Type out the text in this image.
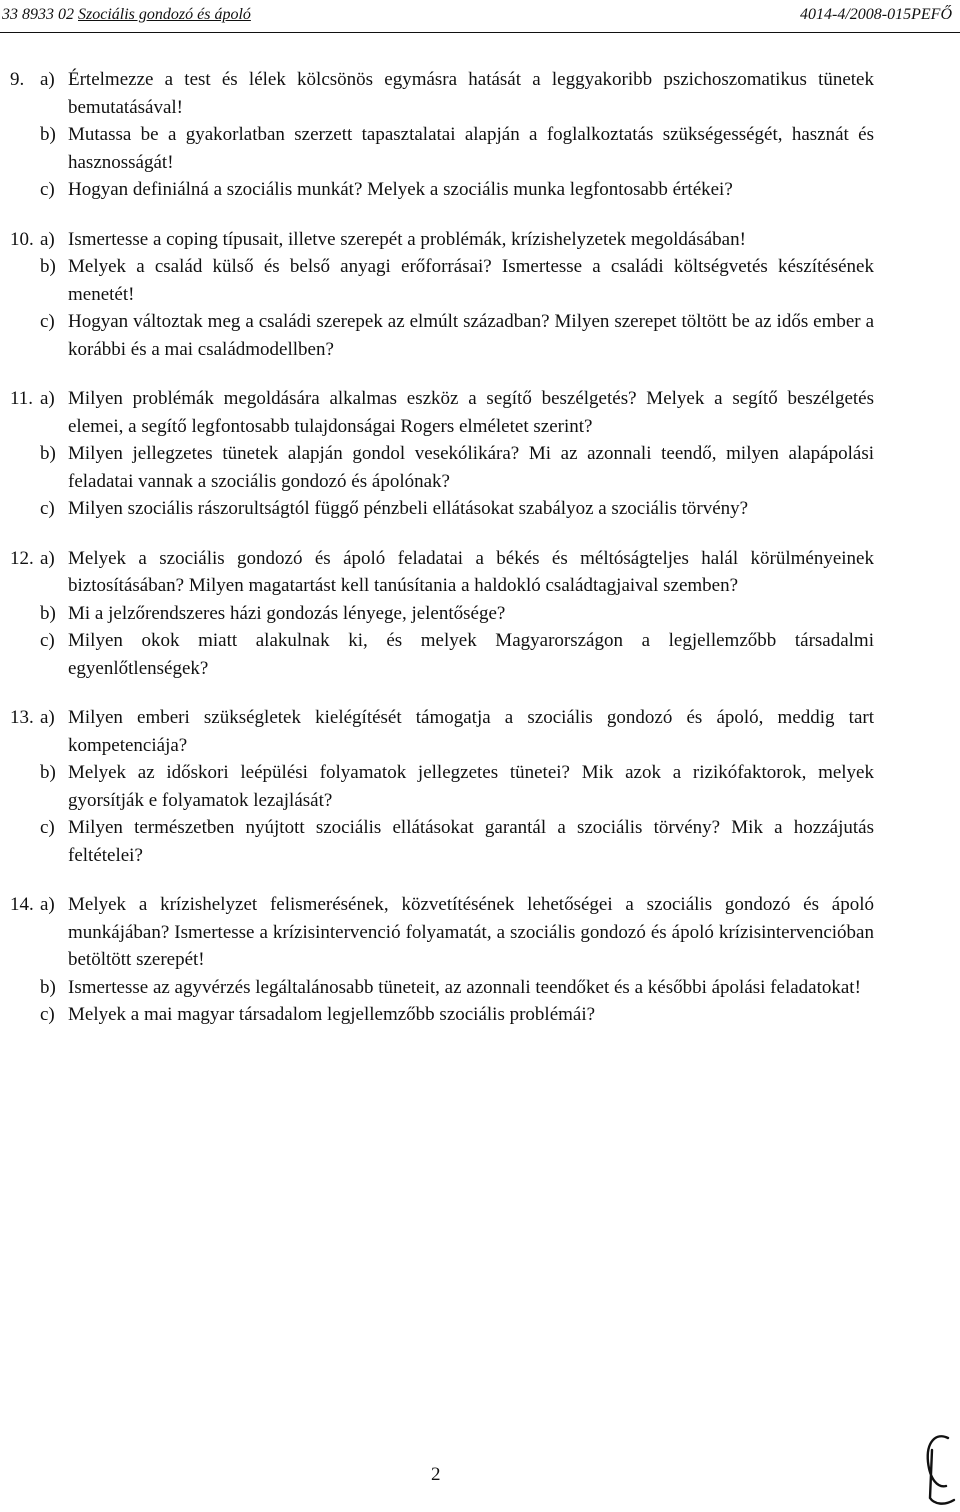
33 8933 02 Szociális gondozó és ápoló	4014-4/2008-015PEFŐ
9. a) Értelmezze a test és lélek kölcsönös egymásra hatását a leggyakoribb pszichoszomatikus tünetek bemutatásával!
b) Mutassa be a gyakorlatban szerzett tapasztalatai alapján a foglalkoztatás szükségességét, hasznát és hasznosságát!
c) Hogyan definiálná a szociális munkát? Melyek a szociális munka legfontosabb értékei?
10. a) Ismertesse a coping típusait, illetve szerepét a problémák, krízishelyzetek megoldásában!
b) Melyek a család külső és belső anyagi erőforrásai? Ismertesse a családi költségvetés készítésének menetét!
c) Hogyan változtak meg a családi szerepek az elmúlt században? Milyen szerepet töltött be az idős ember a korábbi és a mai családmodellben?
11. a) Milyen problémák megoldására alkalmas eszköz a segítő beszélgetés? Melyek a segítő beszélgetés elemei, a segítő legfontosabb tulajdonságai Rogers elméletet szerint?
b) Milyen jellegzetes tünetek alapján gondol vesekólikára? Mi az azonnali teendő, milyen alapápolási feladatai vannak a szociális gondozó és ápolónak?
c) Milyen szociális rászorultságtól függő pénzbeli ellátásokat szabályoz a szociális törvény?
12. a) Melyek a szociális gondozó és ápoló feladatai a békés és méltóságteljes halál körülményeinek biztosításában? Milyen magatartást kell tanúsítania a haldokló családtagjaival szemben?
b) Mi a jelzőrendszeres házi gondozás lényege, jelentősége?
c) Milyen okok miatt alakulnak ki, és melyek Magyarországon a legjellemzőbb társadalmi egyenlőtlenségek?
13. a) Milyen emberi szükségletek kielégítését támogatja a szociális gondozó és ápoló, meddig tart kompetenciája?
b) Melyek az időskori leépülési folyamatok jellegzetes tünetei? Mik azok a rizikófaktorok, melyek gyorsítják e folyamatok lezajlását?
c) Milyen természetben nyújtott szociális ellátásokat garantál a szociális törvény? Mik a hozzájutás feltételei?
14. a) Melyek a krízishelyzet felismerésének, közvetítésének lehetőségei a szociális gondozó és ápoló munkájában? Ismertesse a krízisintervenció folyamatát, a szociális gondozó és ápoló krízisintervencióban betöltött szerepét!
b) Ismertesse az agyvérzés legáltalánosabb tüneteit, az azonnali teendőket és a későbbi ápolási feladatokat!
c) Melyek a mai magyar társadalom legjellemzőbb szociális problémái?
2
